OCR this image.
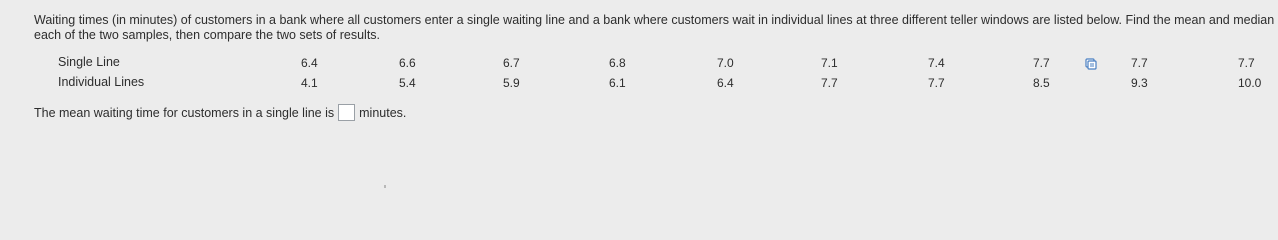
Waiting times (in minutes) of customers in a bank where all customers enter a single waiting line and a bank where customers wait in individual lines at three different teller windows are listed below. Find the mean and median
each of the two samples, then compare the two sets of results.
Single Line	6.4	6.6	6.7	6.8	7.0	7.1	7.4	7.7	7.7	7.7
Individual Lines	4.1	5.4	5.9	6.1	6.4	7.7	7.7	8.5	9.3	10.0
The mean waiting time for customers in a single line is minutes.
